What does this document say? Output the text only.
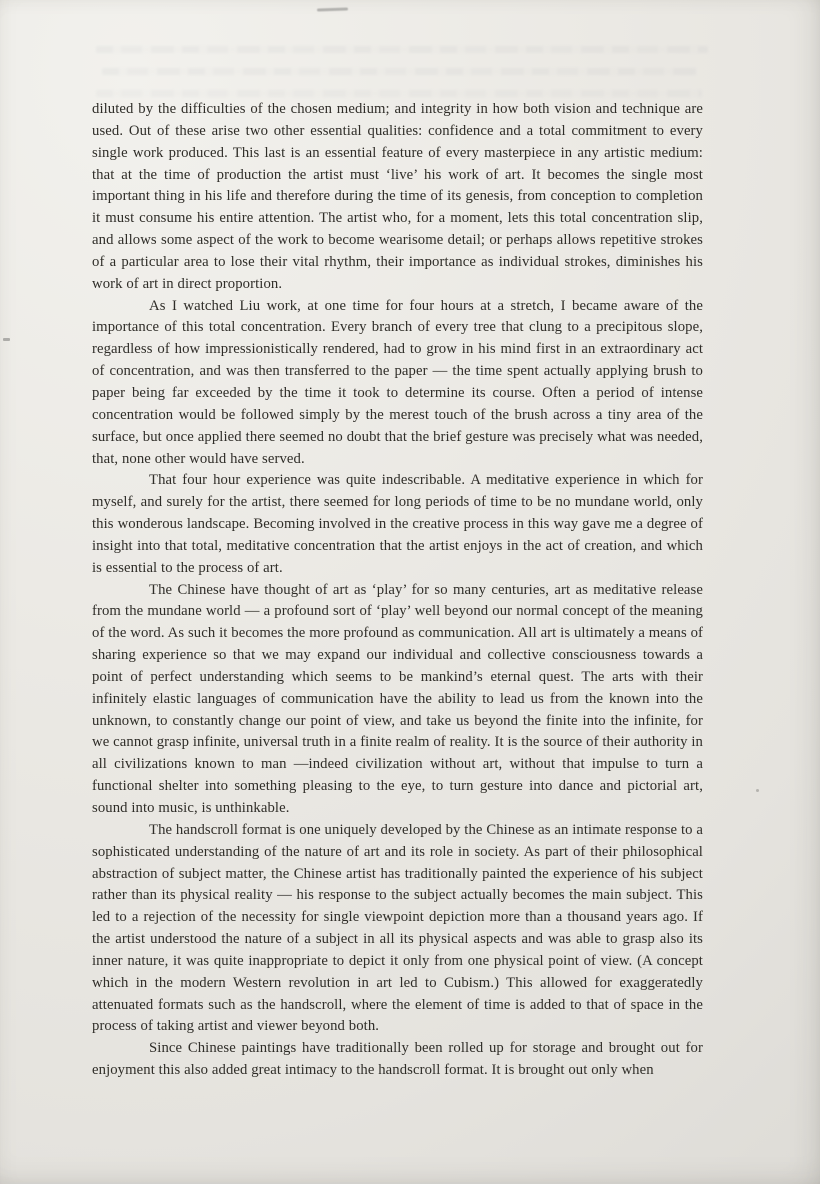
diluted by the difficulties of the chosen medium; and integrity in how both vision and technique are used. Out of these arise two other essential qualities: confidence and a total commitment to every single work produced. This last is an essential feature of every masterpiece in any artistic medium: that at the time of production the artist must ‘live’ his work of art. It becomes the single most important thing in his life and therefore during the time of its genesis, from conception to completion it must consume his entire attention. The artist who, for a moment, lets this total concentration slip, and allows some aspect of the work to become wearisome detail; or perhaps allows repetitive strokes of a particular area to lose their vital rhythm, their importance as individual strokes, diminishes his work of art in direct proportion.

As I watched Liu work, at one time for four hours at a stretch, I became aware of the importance of this total concentration. Every branch of every tree that clung to a precipitous slope, regardless of how impressionistically rendered, had to grow in his mind first in an extraordinary act of concentration, and was then transferred to the paper — the time spent actually applying brush to paper being far exceeded by the time it took to determine its course. Often a period of intense concentration would be followed simply by the merest touch of the brush across a tiny area of the surface, but once applied there seemed no doubt that the brief gesture was precisely what was needed, that, none other would have served.

That four hour experience was quite indescribable. A meditative experience in which for myself, and surely for the artist, there seemed for long periods of time to be no mundane world, only this wonderous landscape. Becoming involved in the creative process in this way gave me a degree of insight into that total, meditative concentration that the artist enjoys in the act of creation, and which is essential to the process of art.

The Chinese have thought of art as ‘play’ for so many centuries, art as meditative release from the mundane world — a profound sort of ‘play’ well beyond our normal concept of the meaning of the word. As such it becomes the more profound as communication. All art is ultimately a means of sharing experience so that we may expand our individual and collective consciousness towards a point of perfect understanding which seems to be mankind’s eternal quest. The arts with their infinitely elastic languages of communication have the ability to lead us from the known into the unknown, to constantly change our point of view, and take us beyond the finite into the infinite, for we cannot grasp infinite, universal truth in a finite realm of reality. It is the source of their authority in all civilizations known to man —indeed civilization without art, without that impulse to turn a functional shelter into something pleasing to the eye, to turn gesture into dance and pictorial art, sound into music, is unthinkable.

The handscroll format is one uniquely developed by the Chinese as an intimate response to a sophisticated understanding of the nature of art and its role in society. As part of their philosophical abstraction of subject matter, the Chinese artist has traditionally painted the experience of his subject rather than its physical reality — his response to the subject actually becomes the main subject. This led to a rejection of the necessity for single viewpoint depiction more than a thousand years ago. If the artist understood the nature of a subject in all its physical aspects and was able to grasp also its inner nature, it was quite inappropriate to depict it only from one physical point of view. (A concept which in the modern Western revolution in art led to Cubism.) This allowed for exaggeratedly attenuated formats such as the handscroll, where the element of time is added to that of space in the process of taking artist and viewer beyond both.

Since Chinese paintings have traditionally been rolled up for storage and brought out for enjoyment this also added great intimacy to the handscroll format. It is brought out only when
